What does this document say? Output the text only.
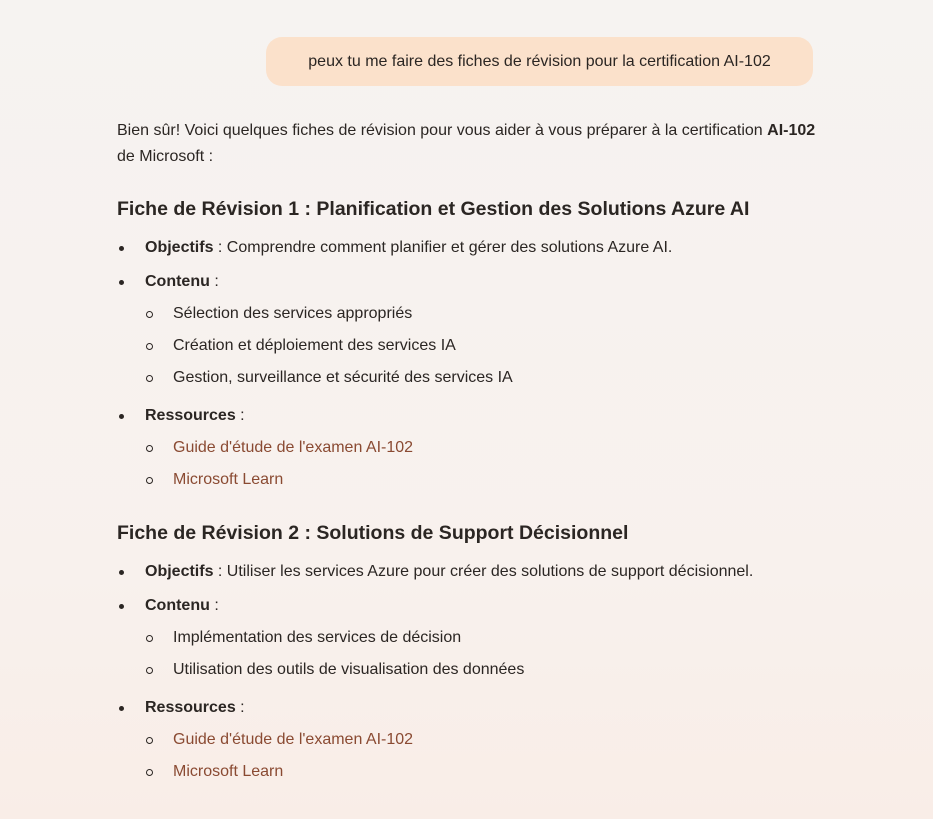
peux tu me faire des fiches de révision pour la certification AI-102

Bien sûr! Voici quelques fiches de révision pour vous aider à vous préparer à la certification AI-102 de Microsoft :

Fiche de Révision 1 : Planification et Gestion des Solutions Azure AI
Objectifs : Comprendre comment planifier et gérer des solutions Azure AI.
Contenu :
Sélection des services appropriés
Création et déploiement des services IA
Gestion, surveillance et sécurité des services IA
Ressources :
Guide d'étude de l'examen AI-102
Microsoft Learn
Fiche de Révision 2 : Solutions de Support Décisionnel
Objectifs : Utiliser les services Azure pour créer des solutions de support décisionnel.
Contenu :
Implémentation des services de décision
Utilisation des outils de visualisation des données
Ressources :
Guide d'étude de l'examen AI-102
Microsoft Learn
